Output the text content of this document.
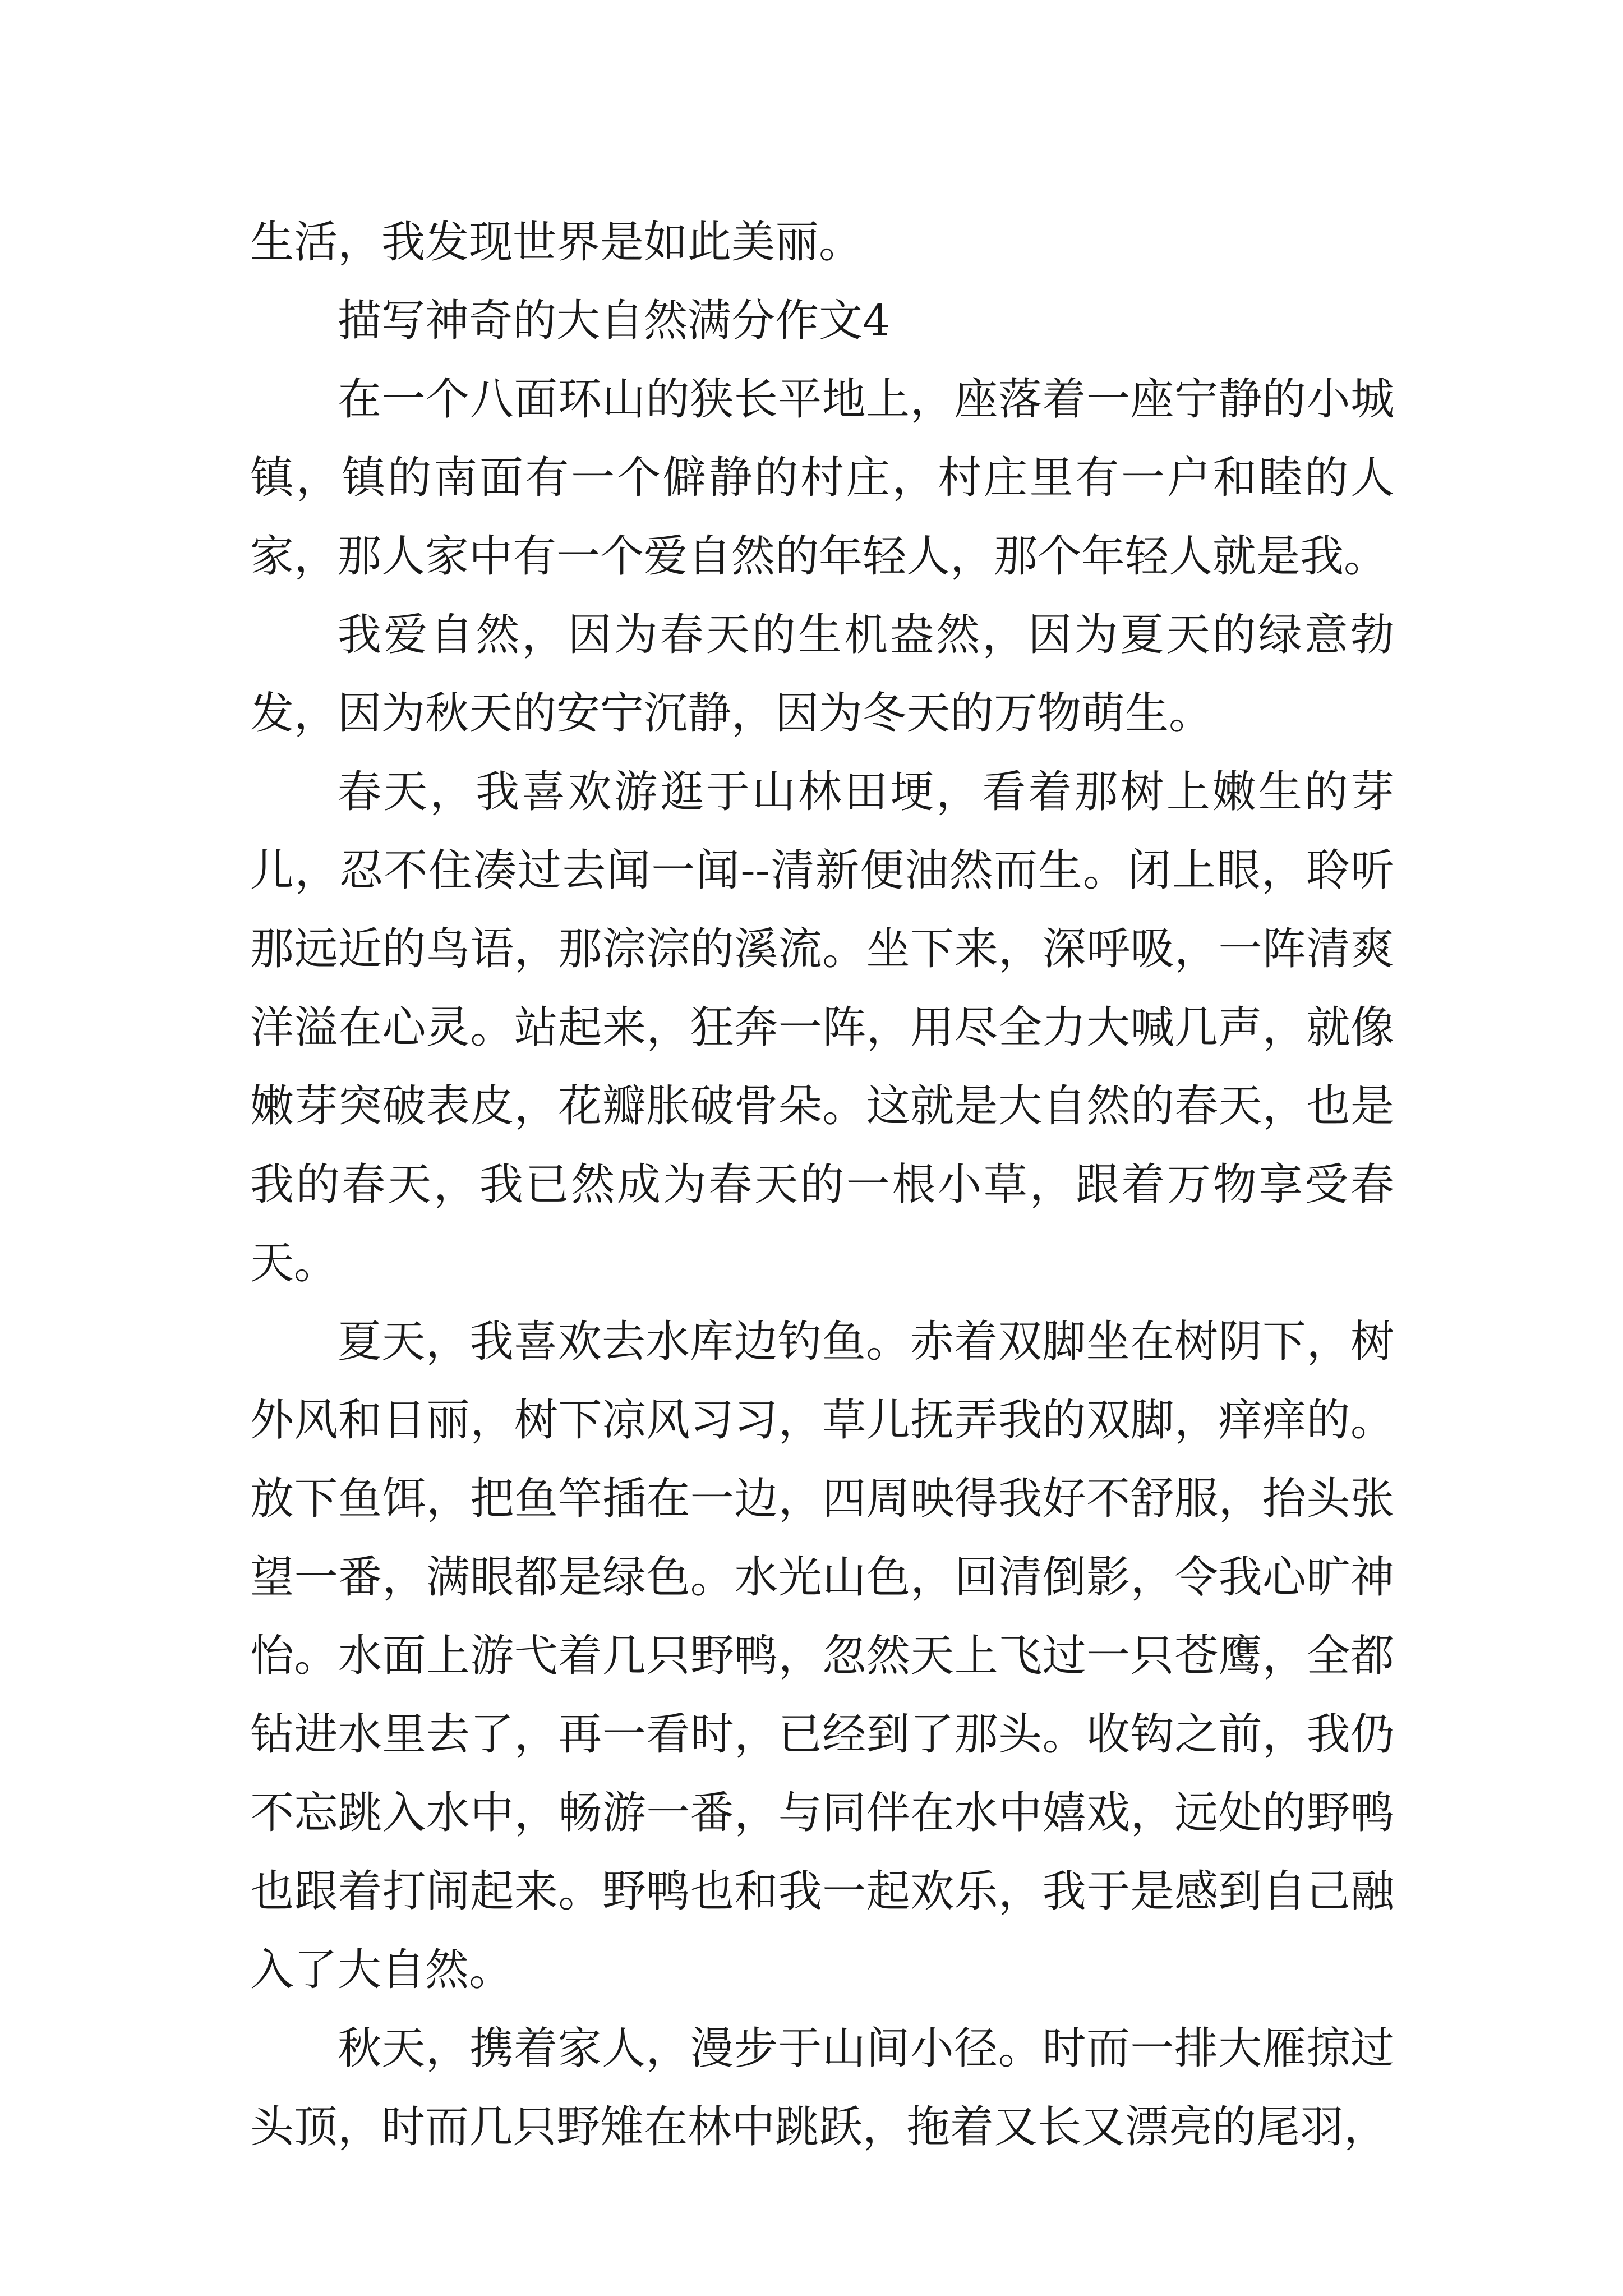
生活，我发现世界是如此美丽。

描写神奇的大自然满分作文4

在一个八面环山的狭长平地上，座落着一座宁静的小城镇，镇的南面有一个僻静的村庄，村庄里有一户和睦的人家，那人家中有一个爱自然的年轻人，那个年轻人就是我。

我爱自然，因为春天的生机盎然，因为夏天的绿意勃发，因为秋天的安宁沉静，因为冬天的万物萌生。

春天，我喜欢游逛于山林田埂，看着那树上嫩生的芽儿，忍不住凑过去闻一闻--清新便油然而生。闭上眼，聆听那远近的鸟语，那淙淙的溪流。坐下来，深呼吸，一阵清爽洋溢在心灵。站起来，狂奔一阵，用尽全力大喊几声，就像嫩芽突破表皮，花瓣胀破骨朵。这就是大自然的春天，也是我的春天，我已然成为春天的一根小草，跟着万物享受春天。

夏天，我喜欢去水库边钓鱼。赤着双脚坐在树阴下，树外风和日丽，树下凉风习习，草儿抚弄我的双脚，痒痒的。放下鱼饵，把鱼竿插在一边，四周映得我好不舒服，抬头张望一番，满眼都是绿色。水光山色，回清倒影，令我心旷神怡。水面上游弋着几只野鸭，忽然天上飞过一只苍鹰，全都钻进水里去了，再一看时，已经到了那头。收钩之前，我仍不忘跳入水中，畅游一番，与同伴在水中嬉戏，远处的野鸭也跟着打闹起来。野鸭也和我一起欢乐，我于是感到自己融入了大自然。

秋天，携着家人，漫步于山间小径。时而一排大雁掠过头顶，时而几只野雉在林中跳跃，拖着又长又漂亮的尾羽，
